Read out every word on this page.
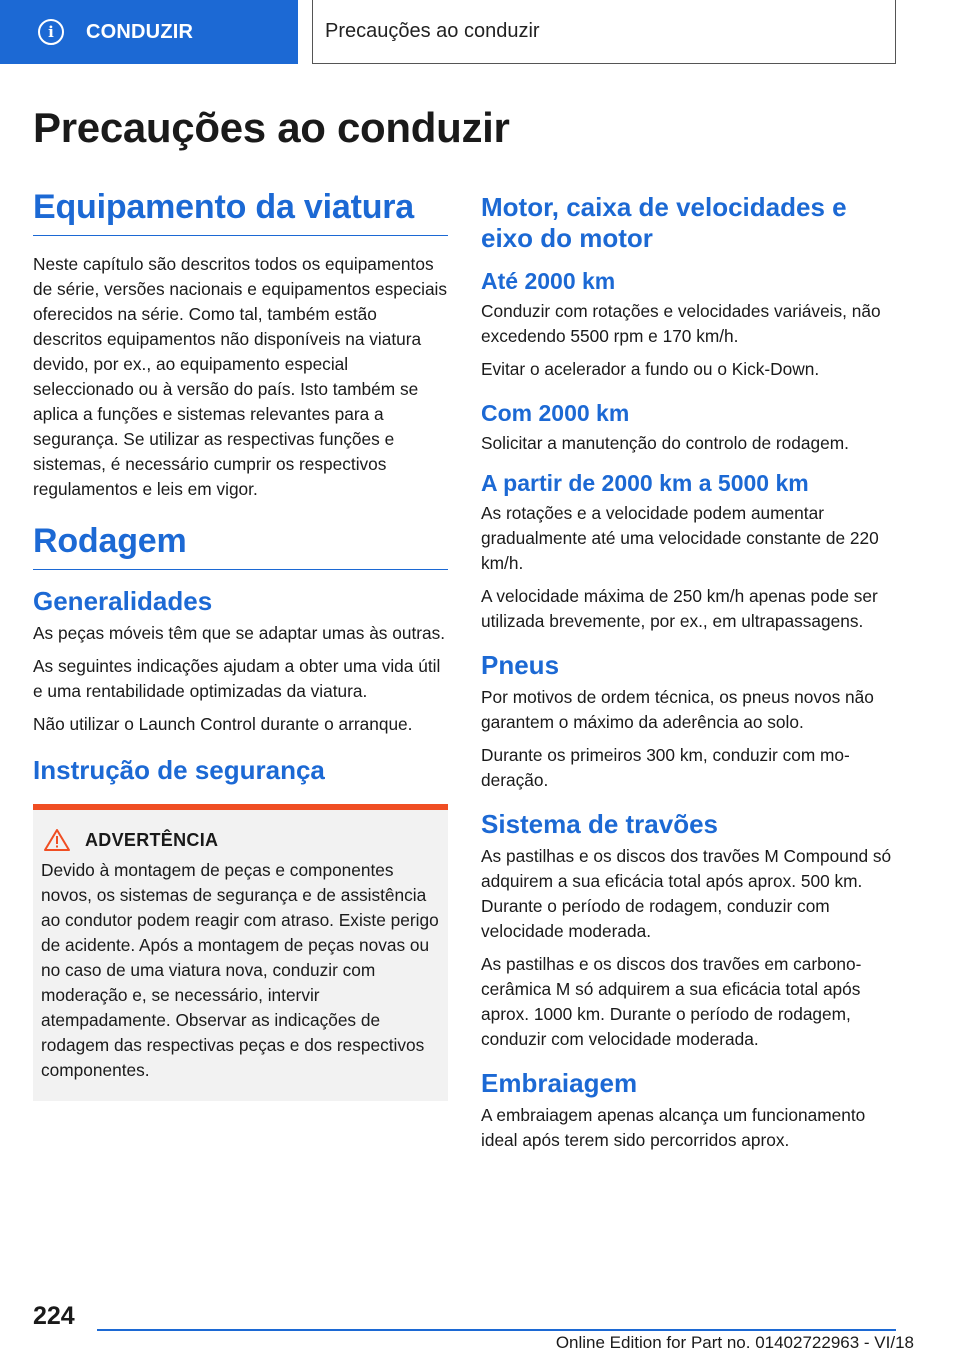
i CONDUZIR	Precauções ao conduzir
Precauções ao conduzir
Equipamento da viatura

Neste capítulo são descritos todos os equipamentos de série, versões nacionais e equipamentos especiais oferecidos na série. Como tal, também estão descritos equipamentos não disponíveis na viatura devido, por ex., ao equipamento especial seleccionado ou à versão do país. Isto também se aplica a funções e sistemas relevantes para a segurança. Se utilizar as respectivas funções e sistemas, é necessário cumprir os respectivos regulamentos e leis em vigor.

Rodagem
Generalidades

As peças móveis têm que se adaptar umas às outras.

As seguintes indicações ajudam a obter uma vida útil e uma rentabilidade optimizadas da viatura.

Não utilizar o Launch Control durante o arranque.

Instrução de segurança
ADVERTÊNCIA

Devido à montagem de peças e componentes novos, os sistemas de segurança e de assistência ao condutor podem reagir com atraso. Existe perigo de acidente. Após a montagem de peças novas ou no caso de uma viatura nova, conduzir com moderação e, se necessário, intervir atempadamente. Observar as indicações de rodagem das respectivas peças e dos respectivos componentes.

Motor, caixa de velocidades e eixo do motor
Até 2000 km

Conduzir com rotações e velocidades variáveis, não excedendo 5500 rpm e 170 km/h.

Evitar o acelerador a fundo ou o Kick-Down.

Com 2000 km

Solicitar a manutenção do controlo de rodagem.

A partir de 2000 km a 5000 km

As rotações e a velocidade podem aumentar gradualmente até uma velocidade constante de 220 km/h.

A velocidade máxima de 250 km/h apenas pode ser utilizada brevemente, por ex., em ultrapassagens.

Pneus

Por motivos de ordem técnica, os pneus novos não garantem o máximo da aderência ao solo.

Durante os primeiros 300 km, conduzir com moderação.

Sistema de travões

As pastilhas e os discos dos travões M Compound só adquirem a sua eficácia total após aprox. 500 km. Durante o período de rodagem, conduzir com velocidade moderada.

As pastilhas e os discos dos travões em carbono-cerâmica M só adquirem a sua eficácia total após aprox. 1000 km. Durante o período de rodagem, conduzir com velocidade moderada.

Embraiagem

A embraiagem apenas alcança um funcionamento ideal após terem sido percorridos aprox.

224
Online Edition for Part no. 01402722963 - VI/18
